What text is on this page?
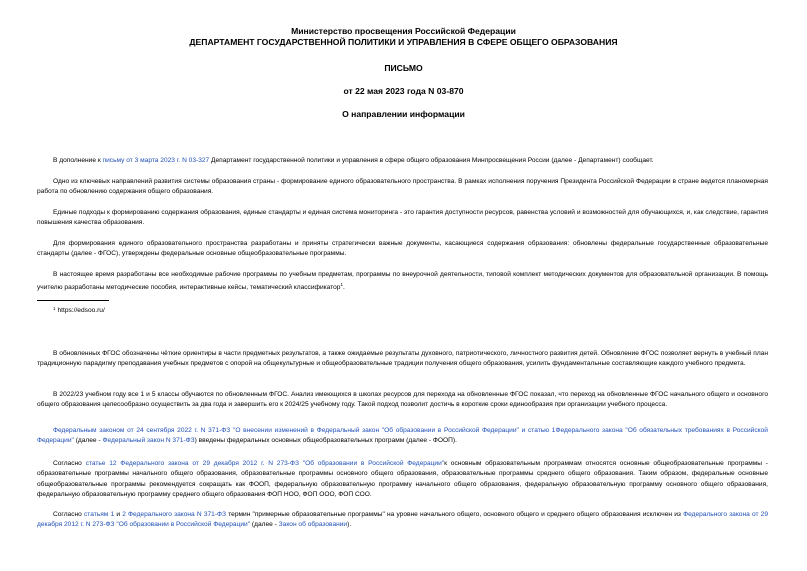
Министерство просвещения Российской Федерации
ДЕПАРТАМЕНТ ГОСУДАРСТВЕННОЙ ПОЛИТИКИ И УПРАВЛЕНИЯ В СФЕРЕ ОБЩЕГО ОБРАЗОВАНИЯ
ПИСЬМО
от 22 мая 2023 года N 03-870
О направлении информации

В дополнение к письму от 3 марта 2023 г. N 03-327 Департамент государственной политики и управления в сфере общего образования Минпросвещения России (далее - Департамент) сообщает.

Одно из ключевых направлений развития системы образования страны - формирование единого образовательного пространства. В рамках исполнения поручения Президента Российской Федерации в стране ведется планомерная работа по обновлению содержания общего образования.

Единые подходы к формированию содержания образования, единые стандарты и единая система мониторинга - это гарантия доступности ресурсов, равенства условий и возможностей для обучающихся, и, как следствие, гарантия повышения качества образования.

Для формирования единого образовательного пространства разработаны и приняты стратегически важные документы, касающиеся содержания образования: обновлены федеральные государственные образовательные стандарты (далее - ФГОС), утверждены федеральные основные общеобразовательные программы.

В настоящее время разработаны все необходимые рабочие программы по учебным предметам, программы по внеурочной деятельности, типовой комплект методических документов для образовательной организации. В помощь учителю разработаны методические пособия, интерактивные кейсы, тематический классификатор$^1$.

$^1$ https://edsoo.ru/

В обновленных ФГОС обозначены чёткие ориентиры в части предметных результатов, а также ожидаемые результаты духовного, патриотического, личностного развития детей. Обновление ФГОС позволяет вернуть в учебный план традиционную парадигму преподавания учебных предметов с опорой на общекультурные и общеобразовательные традиции получения общего образования, усилить фундаментальные составляющие каждого учебного предмета.

В 2022/23 учебном году все 1 и 5 классы обучаются по обновленным ФГОС. Анализ имеющихся в школах ресурсов для перехода на обновленные ФГОС показал, что переход на обновленные ФГОС начального общего и основного общего образования целесообразно осуществить за два года и завершить его к 2024/25 учебному году. Такой подход позволит достичь в короткие сроки единообразия при организации учебного процесса.

Федеральным законом от 24 сентября 2022 г. N 371-ФЗ "О внесении изменений в Федеральный закон "Об образовании в Российской Федерации" и статью 1Федерального закона "Об обязательных требованиях в Российской Федерации" (далее - Федеральный закон N 371-ФЗ) введены федеральных основных общеобразовательных программ (далее - ФООП).

Согласно статье 12 Федерального закона от 29 декабря 2012 г. N 273-ФЗ "Об образовании в Российской Федерации"к основным образовательным программам относятся основные общеобразовательные программы - образовательные программы начального общего образования, образовательные программы основного общего образования, образовательные программы среднего общего образования. Таким образом, федеральные основные общеобразовательные программы рекомендуется сокращать как ФООП, федеральную образовательную программу начального общего образования, федеральную образовательную программу основного общего образования, федеральную образовательную программу среднего общего образования ФОП НОО, ФОП ООО, ФОП СОО.

Согласно статьям 1 и 2 Федерального закона N 371-ФЗ термин "примерные образовательные программы" на уровне начального общего, основного общего и среднего общего образования исключен из Федерального закона от 29 декабря 2012 г. N 273-ФЗ "Об образовании в Российской Федерации" (далее - Закон об образовании).
